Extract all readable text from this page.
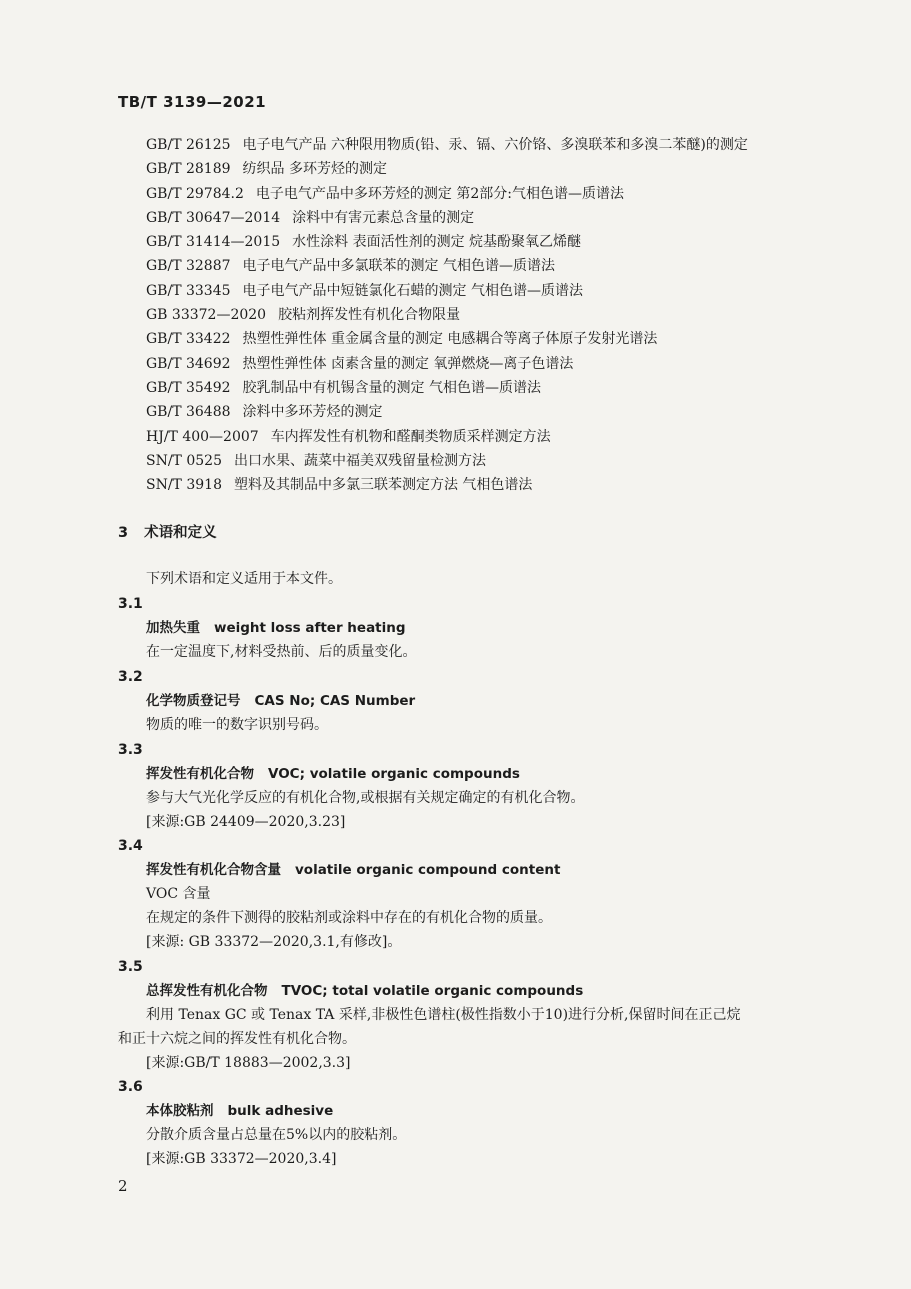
TB/T 3139—2021
GB/T 26125 电子电气产品 六种限用物质(铅、汞、镉、六价铬、多溴联苯和多溴二苯醚)的测定
GB/T 28189 纺织品 多环芳烃的测定
GB/T 29784.2 电子电气产品中多环芳烃的测定 第2部分:气相色谱—质谱法
GB/T 30647—2014 涂料中有害元素总含量的测定
GB/T 31414—2015 水性涂料 表面活性剂的测定 烷基酚聚氧乙烯醚
GB/T 32887 电子电气产品中多氯联苯的测定 气相色谱—质谱法
GB/T 33345 电子电气产品中短链氯化石蜡的测定 气相色谱—质谱法
GB 33372—2020 胶粘剂挥发性有机化合物限量
GB/T 33422 热塑性弹性体 重金属含量的测定 电感耦合等离子体原子发射光谱法
GB/T 34692 热塑性弹性体 卤素含量的测定 氧弹燃烧—离子色谱法
GB/T 35492 胶乳制品中有机锡含量的测定 气相色谱—质谱法
GB/T 36488 涂料中多环芳烃的测定
HJ/T 400—2007 车内挥发性有机物和醛酮类物质采样测定方法
SN/T 0525 出口水果、蔬菜中福美双残留量检测方法
SN/T 3918 塑料及其制品中多氯三联苯测定方法 气相色谱法
3 术语和定义
下列术语和定义适用于本文件。
3.1
加热失重 weight loss after heating
在一定温度下,材料受热前、后的质量变化。
3.2
化学物质登记号 CAS No; CAS Number
物质的唯一的数字识别号码。
3.3
挥发性有机化合物 VOC; volatile organic compounds
参与大气光化学反应的有机化合物,或根据有关规定确定的有机化合物。
[来源:GB 24409—2020,3.23]
3.4
挥发性有机化合物含量 volatile organic compound content
VOC 含量
在规定的条件下测得的胶粘剂或涂料中存在的有机化合物的质量。
[来源: GB 33372—2020,3.1,有修改]。
3.5
总挥发性有机化合物 TVOC; total volatile organic compounds
利用 Tenax GC 或 Tenax TA 采样,非极性色谱柱(极性指数小于10)进行分析,保留时间在正己烷
和正十六烷之间的挥发性有机化合物。
[来源:GB/T 18883—2002,3.3]
3.6
本体胶粘剂 bulk adhesive
分散介质含量占总量在5%以内的胶粘剂。
[来源:GB 33372—2020,3.4]
2
